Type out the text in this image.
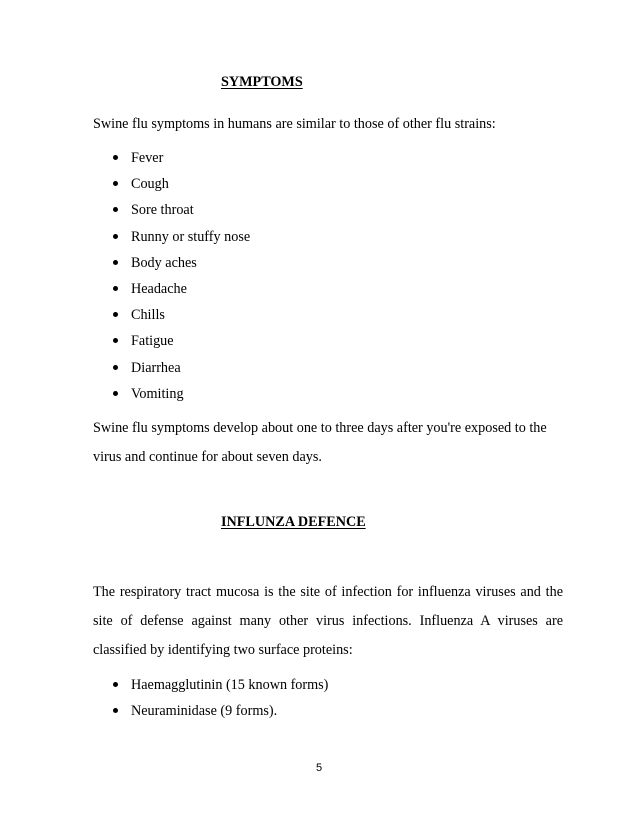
SYMPTOMS

Swine flu symptoms in humans are similar to those of other flu strains:

Fever
Cough
Sore throat
Runny or stuffy nose
Body aches
Headache
Chills
Fatigue
Diarrhea
Vomiting

Swine flu symptoms develop about one to three days after you're exposed to the virus and continue for about seven days.

INFLUNZA DEFENCE

The respiratory tract mucosa is the site of infection for influenza viruses and the site of defense against many other virus infections. Influenza A viruses are classified by identifying two surface proteins:

Haemagglutinin (15 known forms)
Neuraminidase (9 forms).
5
